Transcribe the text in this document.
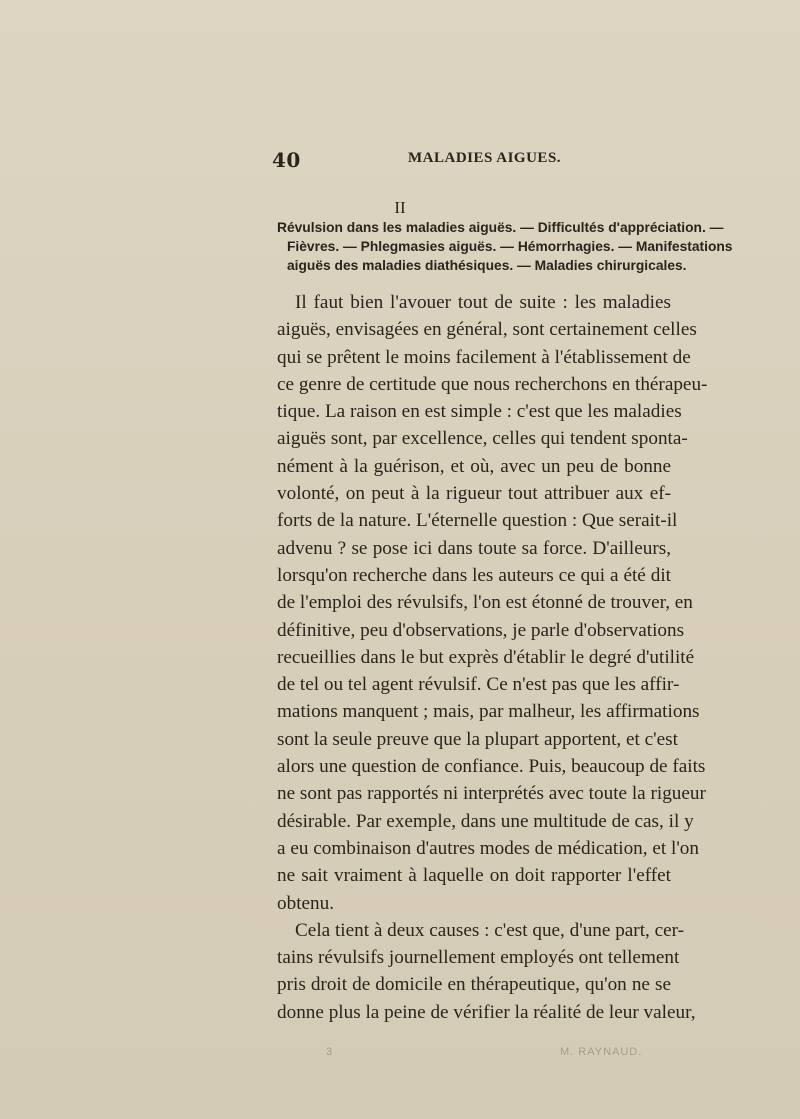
40	MALADIES AIGUES.
II
Révulsion dans les maladies aiguës. — Difficultés d'appréciation. —
Fièvres. — Phlegmasies aiguës. — Hémorrhagies. — Manifestations
aiguës des maladies diathésiques. — Maladies chirurgicales.
Il faut bien l'avouer tout de suite : les maladies
aiguës, envisagées en général, sont certainement celles
qui se prêtent le moins facilement à l'établissement de
ce genre de certitude que nous recherchons en thérapeu-
tique. La raison en est simple : c'est que les maladies
aiguës sont, par excellence, celles qui tendent sponta-
nément à la guérison, et où, avec un peu de bonne
volonté, on peut à la rigueur tout attribuer aux ef-
forts de la nature. L'éternelle question : Que serait-il
advenu ? se pose ici dans toute sa force. D'ailleurs,
lorsqu'on recherche dans les auteurs ce qui a été dit
de l'emploi des révulsifs, l'on est étonné de trouver, en
définitive, peu d'observations, je parle d'observations
recueillies dans le but exprès d'établir le degré d'utilité
de tel ou tel agent révulsif. Ce n'est pas que les affir-
mations manquent ; mais, par malheur, les affirmations
sont la seule preuve que la plupart apportent, et c'est
alors une question de confiance. Puis, beaucoup de faits
ne sont pas rapportés ni interprétés avec toute la rigueur
désirable. Par exemple, dans une multitude de cas, il y
a eu combinaison d'autres modes de médication, et l'on
ne sait vraiment à laquelle on doit rapporter l'effet
obtenu.
Cela tient à deux causes : c'est que, d'une part, cer-
tains révulsifs journellement employés ont tellement
pris droit de domicile en thérapeutique, qu'on ne se
donne plus la peine de vérifier la réalité de leur valeur,
3	M. RAYNAUD.
